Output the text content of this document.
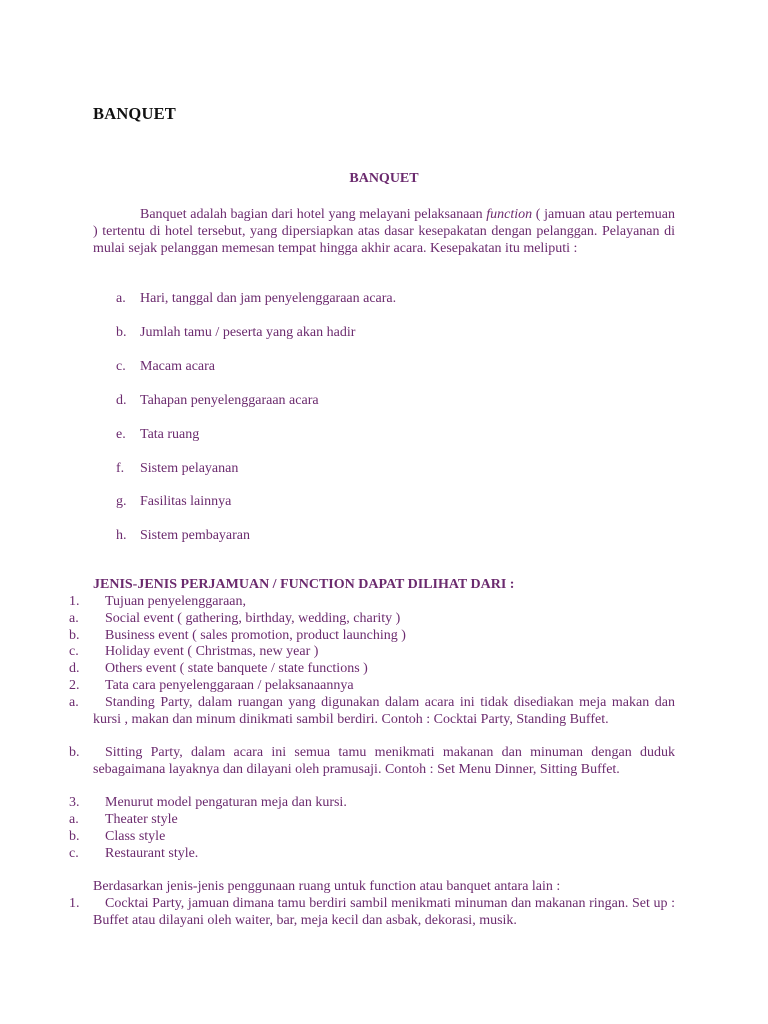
BANQUET
BANQUET
Banquet adalah bagian dari hotel yang melayani pelaksanaan function ( jamuan atau pertemuan ) tertentu di hotel tersebut, yang dipersiapkan atas dasar kesepakatan dengan pelanggan. Pelayanan di mulai sejak pelanggan memesan tempat hingga akhir acara. Kesepakatan itu meliputi :
a. Hari, tanggal dan jam penyelenggaraan acara.
b. Jumlah tamu / peserta yang akan hadir
c. Macam acara
d. Tahapan penyelenggaraan acara
e. Tata ruang
f. Sistem pelayanan
g. Fasilitas lainnya
h. Sistem pembayaran
JENIS-JENIS PERJAMUAN / FUNCTION DAPAT DILIHAT DARI :
1.	Tujuan penyelenggaraan,
a.	Social event ( gathering, birthday, wedding, charity )
b.	Business event ( sales promotion, product launching )
c.	Holiday event ( Christmas, new year )
d.	Others event ( state banquete / state functions )
2.	Tata cara penyelenggaraan / pelaksanaannya
a.	Standing Party, dalam ruangan yang digunakan dalam acara ini tidak disediakan meja makan dan kursi , makan dan minum dinikmati sambil berdiri. Contoh : Cocktai Party, Standing Buffet.
b.	Sitting Party, dalam acara ini semua tamu menikmati makanan dan minuman dengan duduk sebagaimana layaknya dan dilayani oleh pramusaji. Contoh : Set Menu Dinner, Sitting Buffet.
3.	Menurut model pengaturan meja dan kursi.
a.	Theater style
b.	Class style
c.	Restaurant style.
Berdasarkan jenis-jenis penggunaan ruang untuk function atau banquet antara lain :
1.	Cocktai Party, jamuan dimana tamu berdiri sambil menikmati minuman dan makanan ringan. Set up : Buffet atau dilayani oleh waiter, bar, meja kecil dan asbak, dekorasi, musik.
